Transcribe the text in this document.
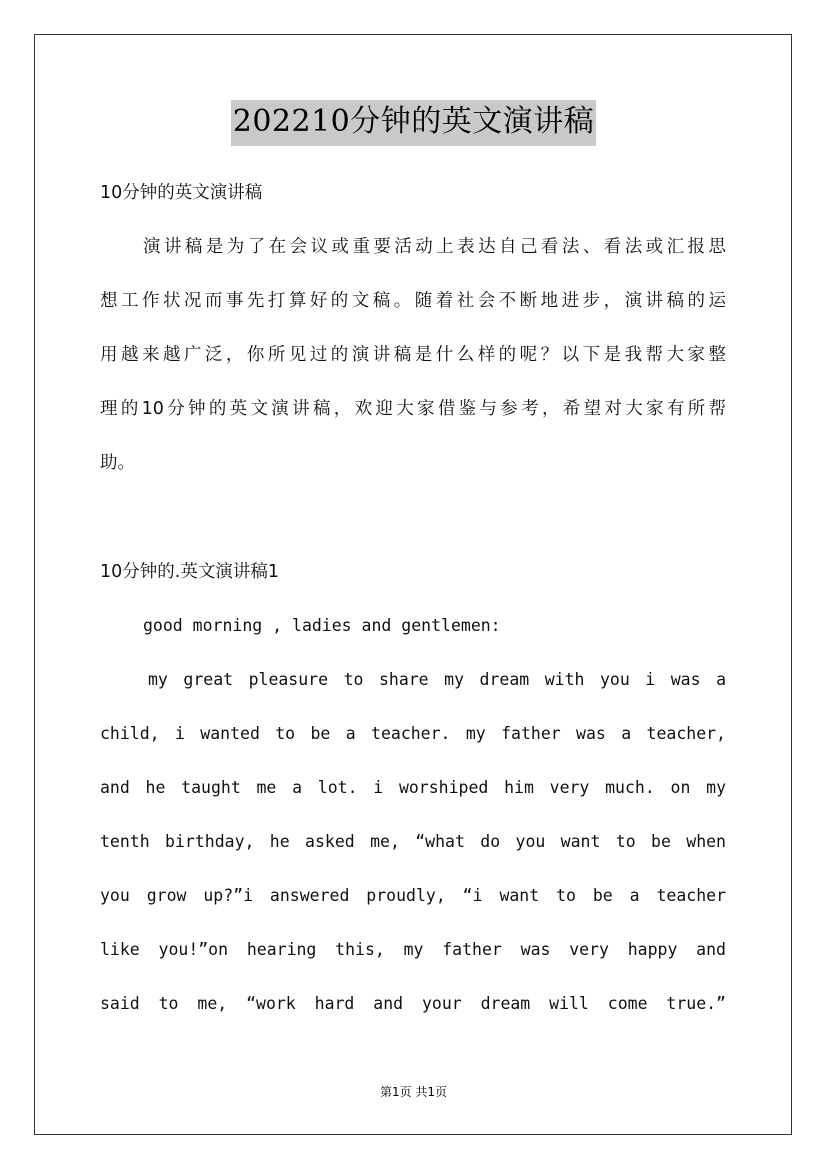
202210分钟的英文演讲稿
10分钟的英文演讲稿
演讲稿是为了在会议或重要活动上表达自己看法、看法或汇报思
想工作状况而事先打算好的文稿。随着社会不断地进步，演讲稿的运
用越来越广泛，你所见过的演讲稿是什么样的呢？以下是我帮大家整
理的10分钟的英文演讲稿，欢迎大家借鉴与参考，希望对大家有所帮
助。
10分钟的.英文演讲稿1
good morning , ladies and gentlemen:
my great pleasure to share my dream with you i was a
child, i wanted to be a teacher. my father was a teacher,
and he taught me a lot. i worshiped him very much. on my
tenth birthday, he asked me, “what do you want to be when
you grow up?”i answered proudly, “i want to be a teacher
like you!”on hearing this, my father was very happy and
said to me, “work hard and your dream will come true.”
第1页 共1页
